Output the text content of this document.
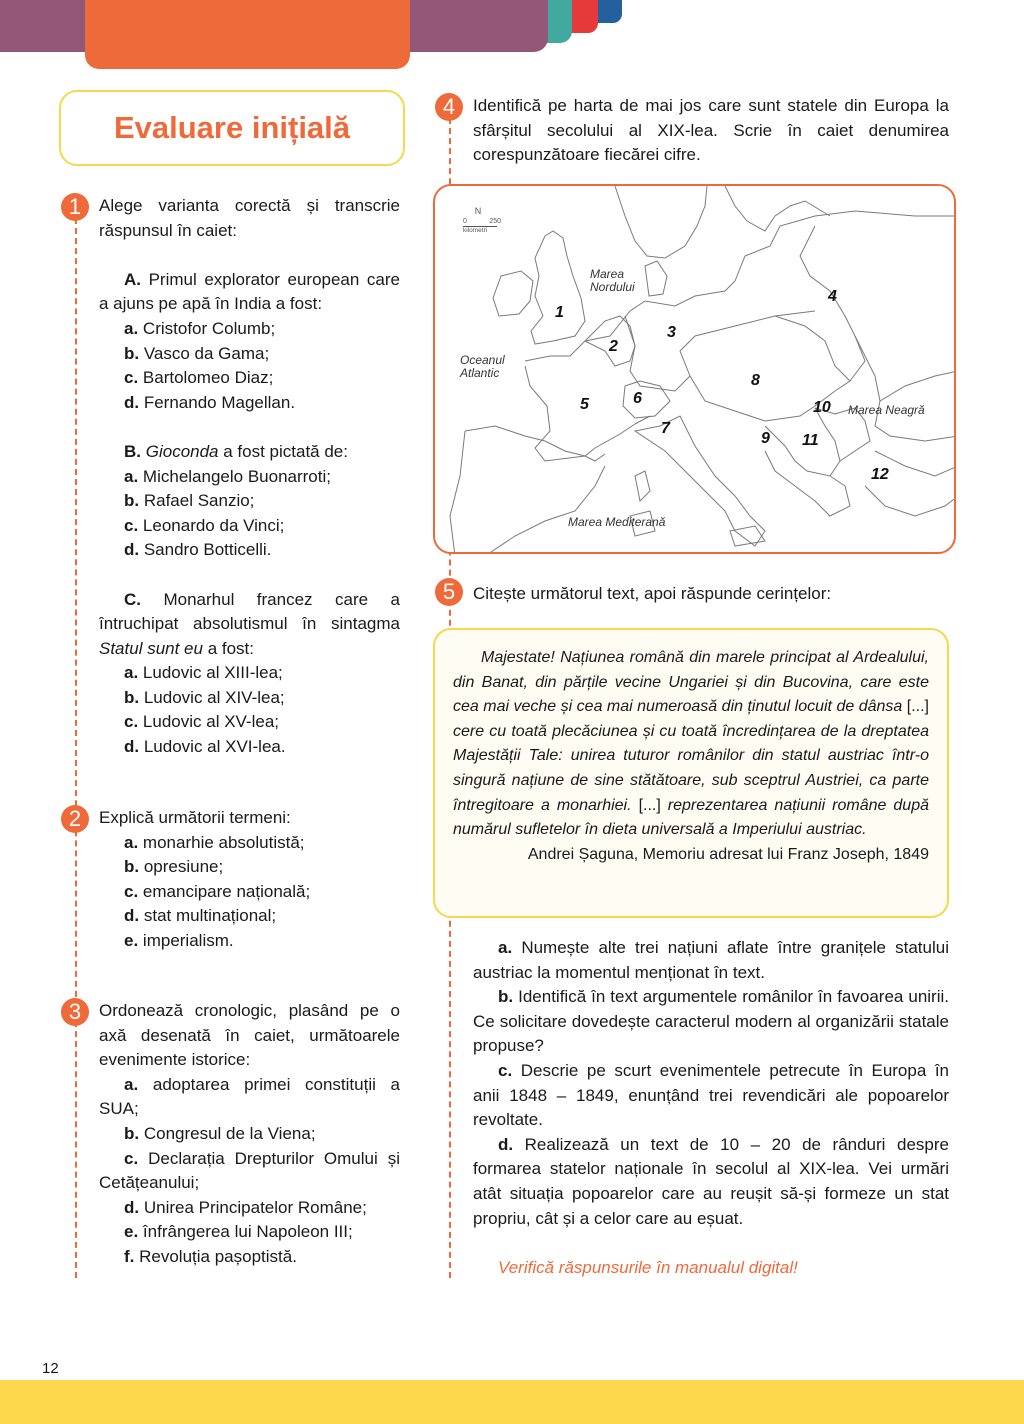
Evaluare inițială
1	Alege varianta corectă și transcrie răspunsul în caiet:
A. Primul explorator european care a ajuns pe apă în India a fost:
a. Cristofor Columb;
b. Vasco da Gama;
c. Bartolomeo Diaz;
d. Fernando Magellan.
B. Gioconda a fost pictată de:
a. Michelangelo Buonarroti;
b. Rafael Sanzio;
c. Leonardo da Vinci;
d. Sandro Botticelli.
C. Monarhul francez care a întruchipat absolutismul în sintagma Statul sunt eu a fost:
a. Ludovic al XIII-lea;
b. Ludovic al XIV-lea;
c. Ludovic al XV-lea;
d. Ludovic al XVI-lea.
2	Explică următorii termeni:
a. monarhie absolutistă;
b. opresiune;
c. emancipare națională;
d. stat multinațional;
e. imperialism.
3	Ordonează cronologic, plasând pe o axă desenată în caiet, următoarele evenimente istorice:
a. adoptarea primei constituții a SUA;
b. Congresul de la Viena;
c. Declarația Drepturilor Omului și Cetățeanului;
d. Unirea Principatelor Române;
e. înfrângerea lui Napoleon III;
f. Revoluția pașoptistă.
4	Identifică pe harta de mai jos care sunt statele din Europa la sfârșitul secolului al XIX-lea. Scrie în caiet denumirea corespunzătoare fiecărei cifre.
N
0	250
kilometri
Marea Nordului
Oceanul Atlantic
Marea Neagră
Marea Mediterană
1
2
3
4
5	6
7
8
9
10
11
12
5	Citește următorul text, apoi răspunde cerințelor:
Majestate! Națiunea română din marele principat al Ardealului, din Banat, din părțile vecine Ungariei și din Bucovina, care este cea mai veche și cea mai numeroasă din ținutul locuit de dânsa [...] cere cu toată plecăciunea și cu toată încredințarea de la dreptatea Majestății Tale: unirea tuturor românilor din statul austriac într-o singură națiune de sine stătătoare, sub sceptrul Austriei, ca parte întregitoare a monarhiei. [...] reprezentarea națiunii române după numărul sufletelor în dieta universală a Imperiului austriac.
Andrei Șaguna, Memoriu adresat lui Franz Joseph, 1849
a. Numește alte trei națiuni aflate între granițele statului austriac la momentul menționat în text.
b. Identifică în text argumentele românilor în favoarea unirii. Ce solicitare dovedește caracterul modern al organizării statale propuse?
c. Descrie pe scurt evenimentele petrecute în Europa în anii 1848 – 1849, enunțând trei revendicări ale popoarelor revoltate.
d. Realizează un text de 10 – 20 de rânduri despre formarea statelor naționale în secolul al XIX-lea. Vei urmări atât situația popoarelor care au reușit să-și formeze un stat propriu, cât și a celor care au eșuat.
Verifică răspunsurile în manualul digital!
12
